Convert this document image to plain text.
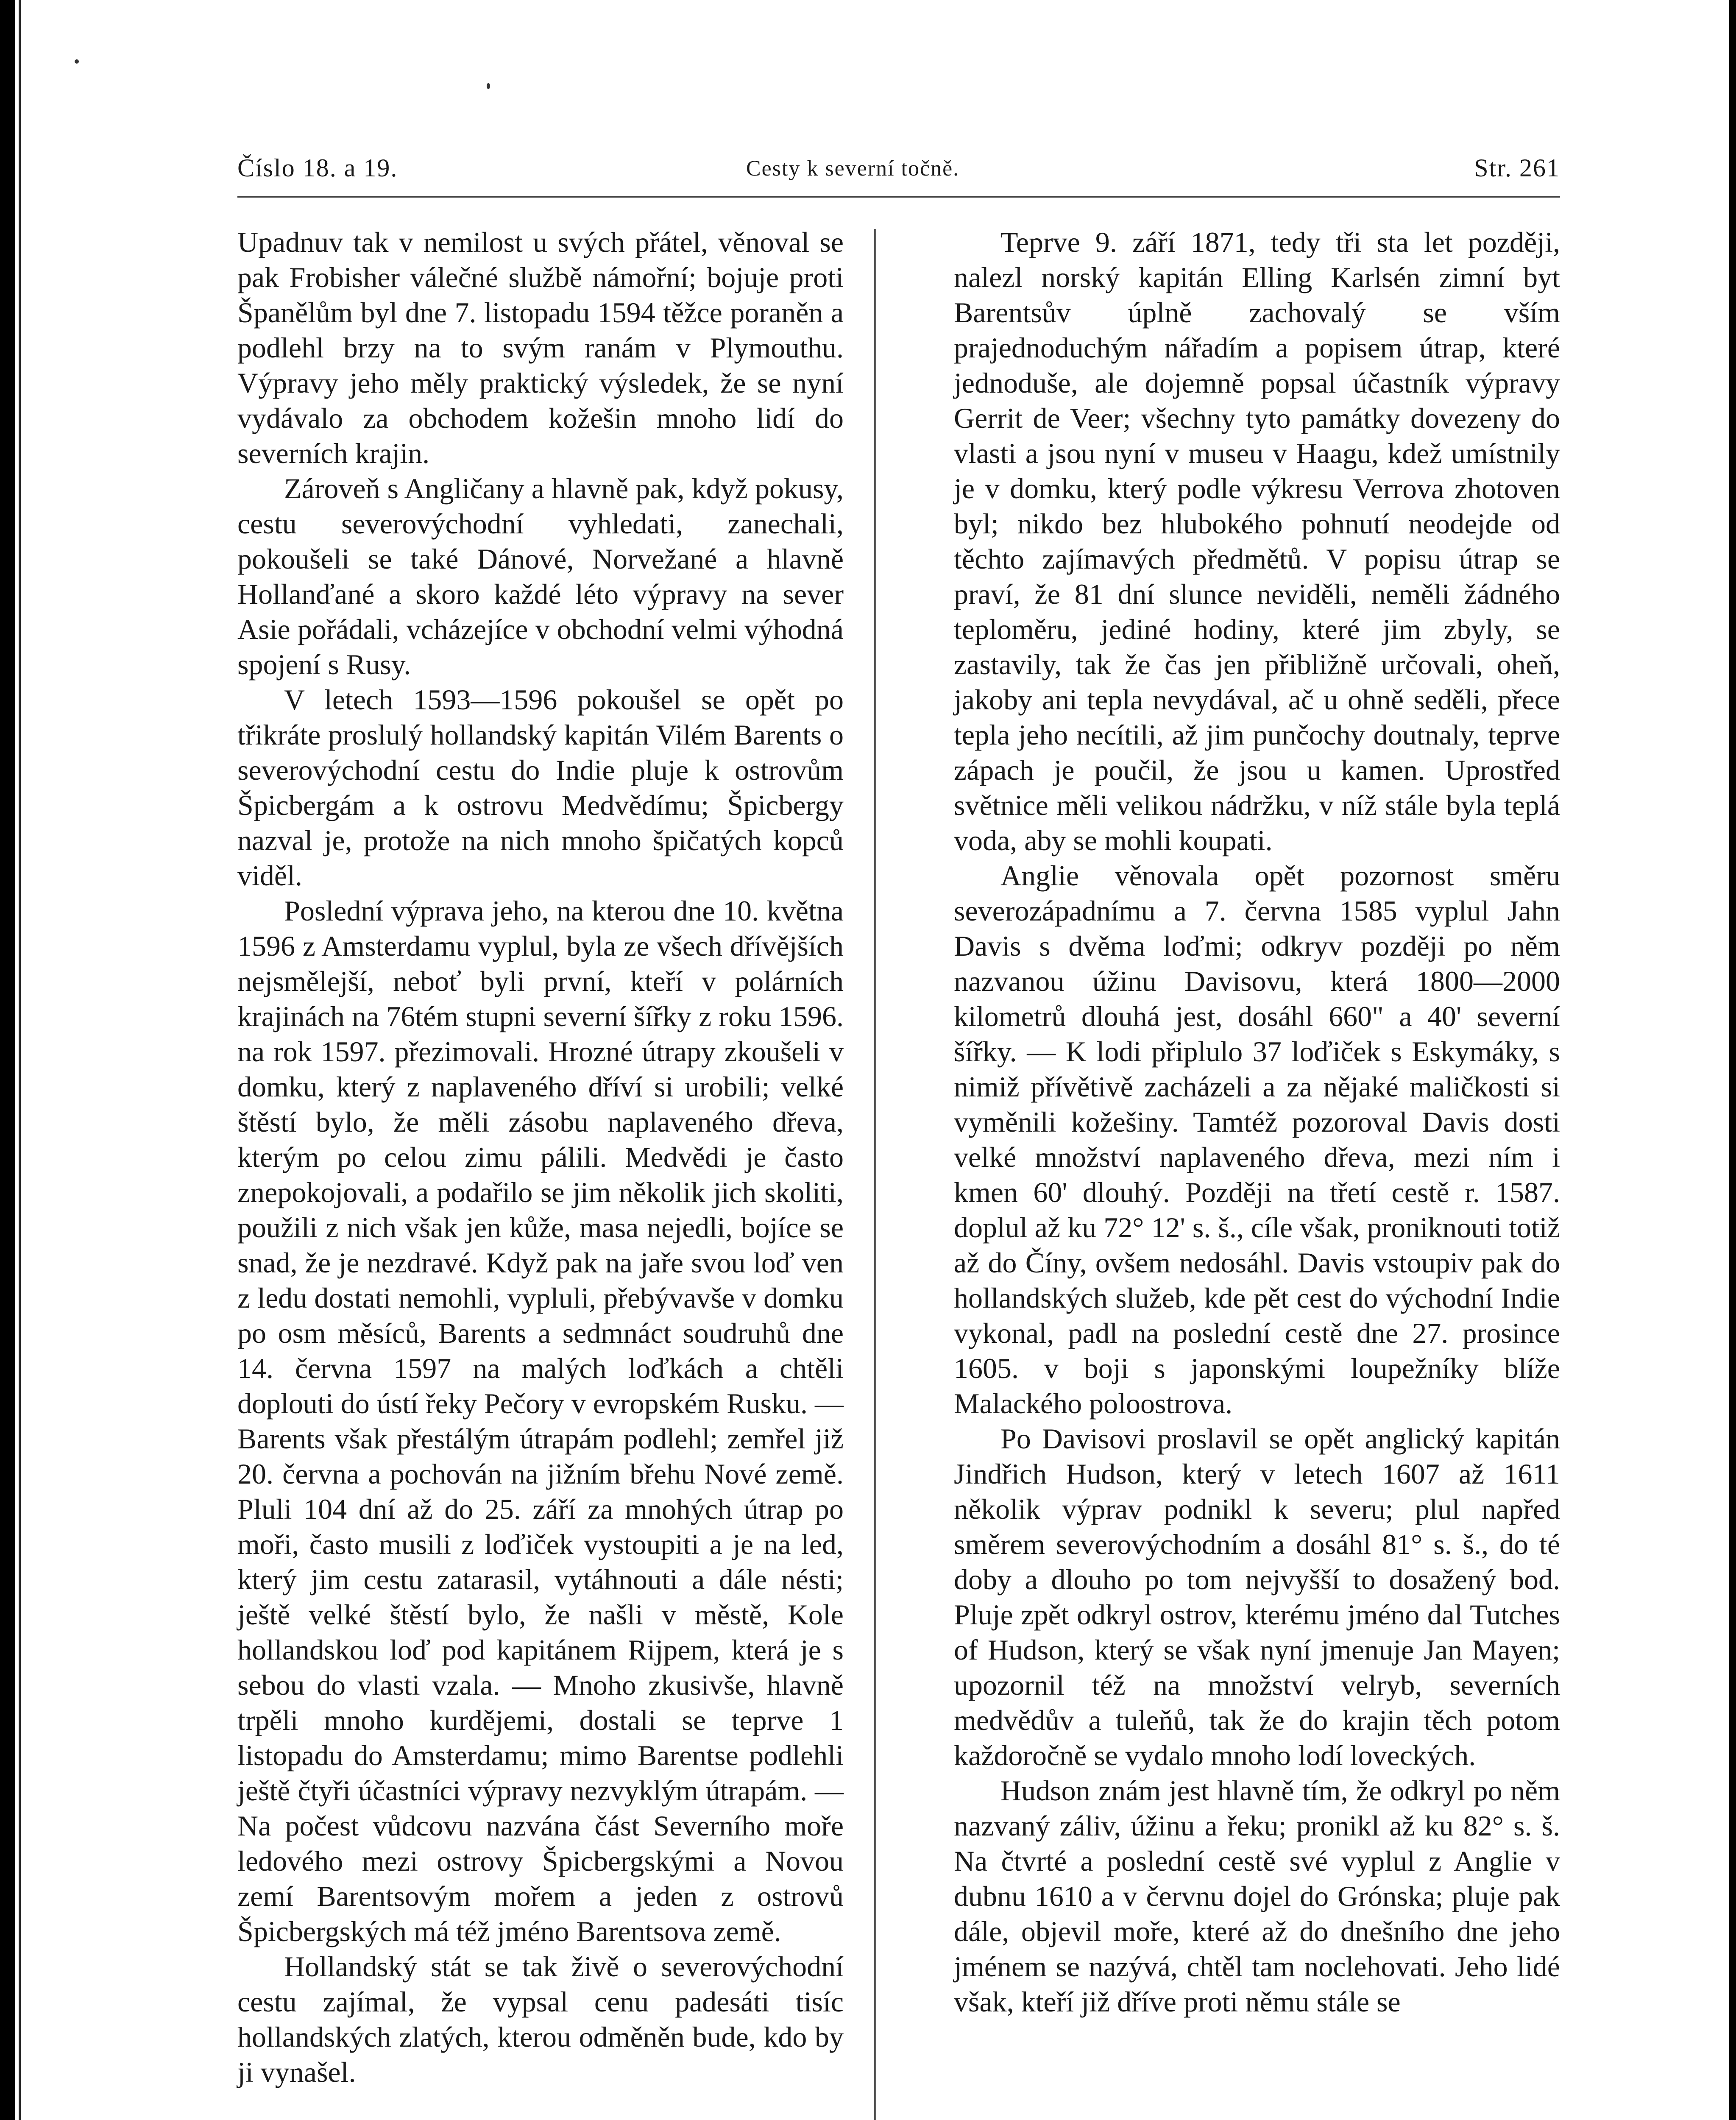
Číslo 18. a 19.	Cesty k severní točně.	Str. 261

Upadnuv tak v nemilost u svých přátel, věnoval se pak Frobisher válečné službě námořní; bojuje proti Španělům byl dne 7. listopadu 1594 těžce poraněn a podlehl brzy na to svým ranám v Plymouthu. Výpravy jeho měly praktický výsledek, že se nyní vydávalo za obchodem kožešin mnoho lidí do severních krajin.

Zároveň s Angličany a hlavně pak, když pokusy, cestu severovýchodní vyhledati, zanechali, pokoušeli se také Dánové, Norvežané a hlavně Hollanďané a skoro každé léto výpravy na sever Asie pořádali, vcházejíce v obchodní velmi výhodná spojení s Rusy.

V letech 1593—1596 pokoušel se opět po třikráte proslulý hollandský kapitán Vilém Barents o severovýchodní cestu do Indie pluje k ostrovům Špicbergám a k ostrovu Medvědímu; Špicbergy nazval je, protože na nich mnoho špičatých kopců viděl.

Poslední výprava jeho, na kterou dne 10. května 1596 z Amsterdamu vyplul, byla ze všech dřívějších nejsmělejší, neboť byli první, kteří v polárních krajinách na 76tém stupni severní šířky z roku 1596. na rok 1597. přezimovali. Hrozné útrapy zkoušeli v domku, který z naplaveného dříví si urobili; velké štěstí bylo, že měli zásobu naplaveného dřeva, kterým po celou zimu pálili. Medvědi je často znepokojovali, a podařilo se jim několik jich skoliti, použili z nich však jen kůže, masa nejedli, bojíce se snad, že je nezdravé. Když pak na jaře svou loď ven z ledu dostati nemohli, vypluli, přebývavše v domku po osm měsíců, Barents a sedmnáct soudruhů dne 14. června 1597 na malých loďkách a chtěli doplouti do ústí řeky Pečory v evropském Rusku. — Barents však přestálým útrapám podlehl; zemřel již 20. června a pochován na jižním břehu Nové země. Pluli 104 dní až do 25. září za mnohých útrap po moři, často musili z loďiček vystoupiti a je na led, který jim cestu zatarasil, vytáhnouti a dále nésti; ještě velké štěstí bylo, že našli v městě, Kole hollandskou loď pod kapitánem Rijpem, která je s sebou do vlasti vzala. — Mnoho zkusivše, hlavně trpěli mnoho kurdějemi, dostali se teprve 1 listopadu do Amsterdamu; mimo Barentse podlehli ještě čtyři účastníci výpravy nezvyklým útrapám. — Na počest vůdcovu nazvána část Severního moře ledového mezi ostrovy Špicbergskými a Novou zemí Barentsovým mořem a jeden z ostrovů Špicbergských má též jméno Barentsova země.

Hollandský stát se tak živě o severovýchodní cestu zajímal, že vypsal cenu padesáti tisíc hollandských zlatých, kterou odměněn bude, kdo by ji vynašel.

Teprve 9. září 1871, tedy tři sta let později, nalezl norský kapitán Elling Karlsén zimní byt Barentsův úplně zachovalý se vším prajednoduchým nářadím a popisem útrap, které jednoduše, ale dojemně popsal účastník výpravy Gerrit de Veer; všechny tyto památky dovezeny do vlasti a jsou nyní v museu v Haagu, kdež umístnily je v domku, který podle výkresu Verrova zhotoven byl; nikdo bez hlubokého pohnutí neodejde od těchto zajímavých předmětů. V popisu útrap se praví, že 81 dní slunce neviděli, neměli žádného teploměru, jediné hodiny, které jim zbyly, se zastavily, tak že čas jen přibližně určovali, oheň, jakoby ani tepla nevydával, ač u ohně seděli, přece tepla jeho necítili, až jim punčochy doutnaly, teprve zápach je poučil, že jsou u kamen. Uprostřed světnice měli velikou nádržku, v níž stále byla teplá voda, aby se mohli koupati.

Anglie věnovala opět pozornost směru severozápadnímu a 7. června 1585 vyplul Jahn Davis s dvěma loďmi; odkryv později po něm nazvanou úžinu Davisovu, která 1800—2000 kilometrů dlouhá jest, dosáhl 660" a 40' severní šířky. — K lodi připlulo 37 loďiček s Eskymáky, s nimiž přívětivě zacházeli a za nějaké maličkosti si vyměnili kožešiny. Tamtéž pozoroval Davis dosti velké množství naplaveného dřeva, mezi ním i kmen 60' dlouhý. Později na třetí cestě r. 1587. doplul až ku 72° 12' s. š., cíle však, proniknouti totiž až do Číny, ovšem nedosáhl. Davis vstoupiv pak do hollandských služeb, kde pět cest do východní Indie vykonal, padl na poslední cestě dne 27. prosince 1605. v boji s japonskými loupežníky blíže Malackého poloostrova.

Po Davisovi proslavil se opět anglický kapitán Jindřich Hudson, který v letech 1607 až 1611 několik výprav podnikl k severu; plul napřed směrem severovýchodním a dosáhl 81° s. š., do té doby a dlouho po tom nejvyšší to dosažený bod. Pluje zpět odkryl ostrov, kterému jméno dal Tutches of Hudson, který se však nyní jmenuje Jan Mayen; upozornil též na množství velryb, severních medvědův a tuleňů, tak že do krajin těch potom každoročně se vydalo mnoho lodí loveckých.

Hudson znám jest hlavně tím, že odkryl po něm nazvaný záliv, úžinu a řeku; pronikl až ku 82° s. š. Na čtvrté a poslední cestě své vyplul z Anglie v dubnu 1610 a v červnu dojel do Grónska; pluje pak dále, objevil moře, které až do dnešního dne jeho jménem se nazývá, chtěl tam noclehovati. Jeho lidé však, kteří již dříve proti němu stále se
